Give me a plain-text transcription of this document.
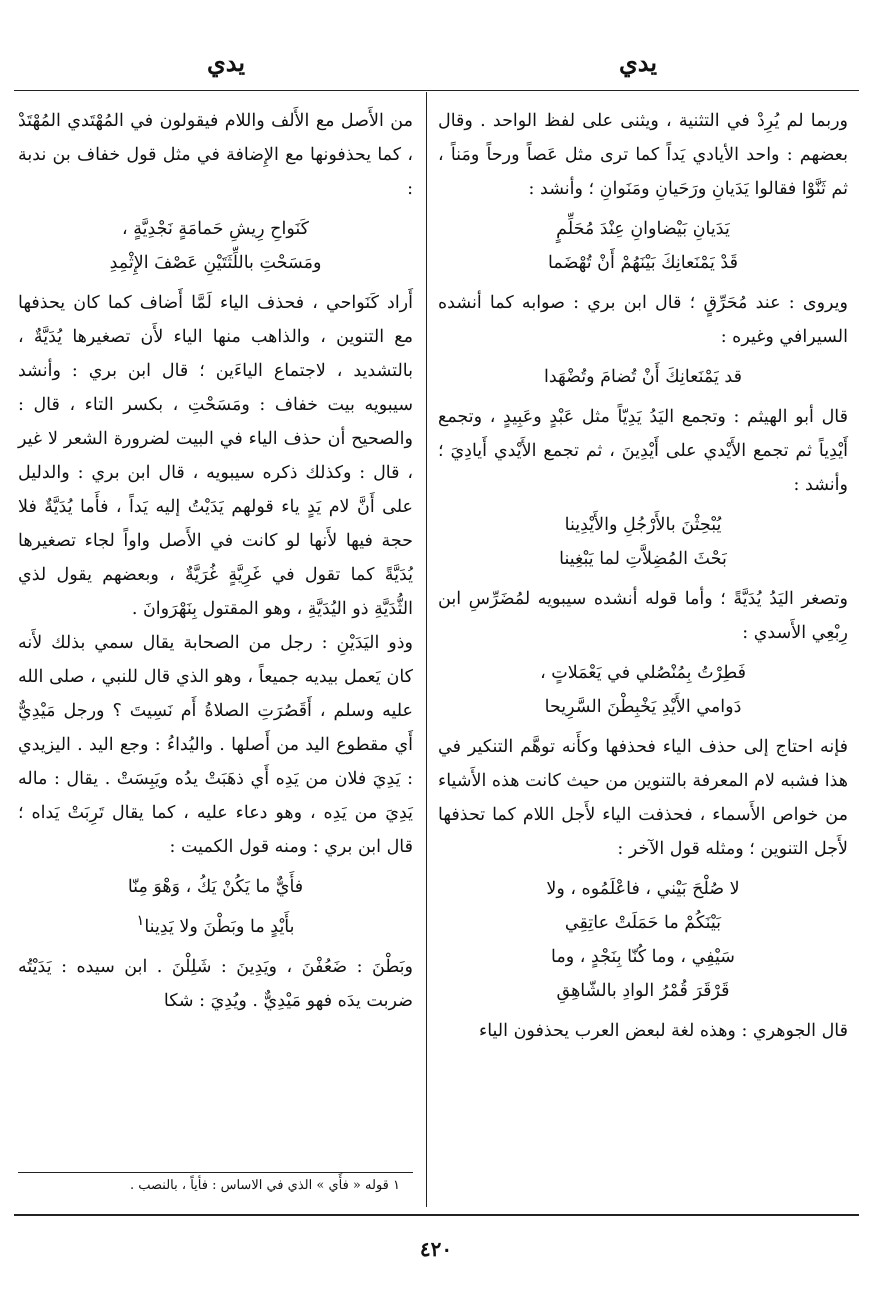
يدي
يدي

وربما لم يُرِدْ في التثنية ، ويثنى على لفظ الواحد . وقال بعضهم : واحد الأيادي يَداً كما ترى مثل عَصاً ورحاً ومَناً ، ثم ثَنَّوْا فقالوا يَدَيانِ ورَحَيانِ ومَنَوانِ ؛ وأنشد :

يَدَيانِ بَيْضاوانِ عِنْدَ مُحَلِّمٍ
قَدْ يَمْنَعانِكَ بَيْنَهُمْ أَنْ تُهْضَما

ويروى : عند مُحَرِّقٍ ؛ قال ابن بري : صوابه كما أنشده السيرافي وغيره :

قد يَمْنَعانِكَ أَنْ تُضامَ وتُضْهَدا

قال أبو الهيثم : وتجمع اليَدُ يَدِيّاً مثل عَبْدٍ وعَبِيدٍ ، وتجمع أَيْدِياً ثم تجمع الأَيْدي على أَيْدِينَ ، ثم تجمع الأَيْدي أَيادِيَ ؛ وأنشد :

يُبْحِثْنَ بالأَرْجُلِ والأَيْدِينا
بَحْثَ المُضِلاَّتِ لما يَبْغِينا

وتصغر اليَدُ يُدَيَّةً ؛ وأما قوله أنشده سيبويه لمُضَرِّسِ ابن رِبْعِي الأَسدي :

فَطِرْتُ بِمُنْصُلي في يَعْمَلاتٍ ،
دَوامي الأَيْدِ يَخْبِطْنَ السَّرِيحا

فإنه احتاج إلى حذف الياء فحذفها وكأَنه توهَّم التنكير في هذا فشبه لام المعرفة بالتنوين من حيث كانت هذه الأَشياء من خواص الأَسماء ، فحذفت الياء لأَجل اللام كما تحذفها لأَجل التنوين ؛ ومثله قول الآخر :

لا صُلْحَ بَيْني ، فاعْلَمُوه ، ولا
بَيْنَكُمْ ما حَمَلَتْ عاتِقِي
سَيْفِي ، وما كُنّا بِنَجْدٍ ، وما
قَرْقَرَ قُمْرُ الوادِ بالشّاهِقِ

قال الجوهري : وهذه لغة لبعض العرب يحذفون الياء

من الأَصل مع الأَلف واللام فيقولون في المُهْتَدي المُهْتَدْ ، كما يحذفونها مع الإِضافة في مثل قول خفاف بن ندبة :

كَنَواحِ رِيشِ حَمامَةٍ نَجْدِيَّةٍ ،
ومَسَحْتِ باللِّثَتَيْنِ عَصْفَ الإِثْمِدِ

أَراد كَنَواحي ، فحذف الياء لَمَّا أَضاف كما كان يحذفها مع التنوين ، والذاهب منها الياء لأَن تصغيرها يُدَيَّةٌ ، بالتشديد ، لاجتماع الياءَين ؛ قال ابن بري : وأنشد سيبويه بيت خفاف : ومَسَحْتِ ، بكسر التاء ، قال : والصحيح أن حذف الياء في البيت لضرورة الشعر لا غير ، قال : وكذلك ذكره سيبويه ، قال ابن بري : والدليل على أَنَّ لام يَدٍ ياء قولهم يَدَيْتُ إليه يَداً ، فأَما يُدَيَّةٌ فلا حجة فيها لأَنها لو كانت في الأَصل واواً لجاء تصغيرها يُدَيَّةً كما تقول في غَرِيَّةٍ غُرَيَّةٌ ، وبعضهم يقول لذي الثُّدَيَّةِ ذو اليُدَيَّةِ ، وهو المقتول بِنَهْرَوانَ .

وذو اليَدَيْنِ : رجل من الصحابة يقال سمي بذلك لأَنه كان يَعمل بيديه جميعاً ، وهو الذي قال للنبي ، صلى الله عليه وسلم ، أَقَصُرَتِ الصلاةُ أَم نَسِيتَ ؟ ورجل مَيْدِيٌّ أَي مقطوع اليد من أَصلها . واليُداءُ : وجع اليد . اليزيدي : يَدِيَ فلان من يَدِه أَي ذهَبَتْ يدُه ويَبِسَتْ . يقال : ماله يَدِيَ من يَدِه ، وهو دعاء عليه ، كما يقال تَرِبَتْ يَداه ؛ قال ابن بري : ومنه قول الكميت :

فأَيٌّ ما يَكُنْ يَكُ ، وَهْوَ مِنّا
بأَيْدٍ ما وبَطْنَ ولا يَدِينا$^١$

وبَطْنَ : ضَعُفْنَ ، ويَدِينَ : شَلِلْنَ . ابن سيده : يَدَيْتُه ضربت يدَه فهو مَيْدِيٌّ . ويُدِيَ : شكا

١ قوله « فأَي » الذي في الاساس : فأياً ، بالنصب .
٤٢٠
